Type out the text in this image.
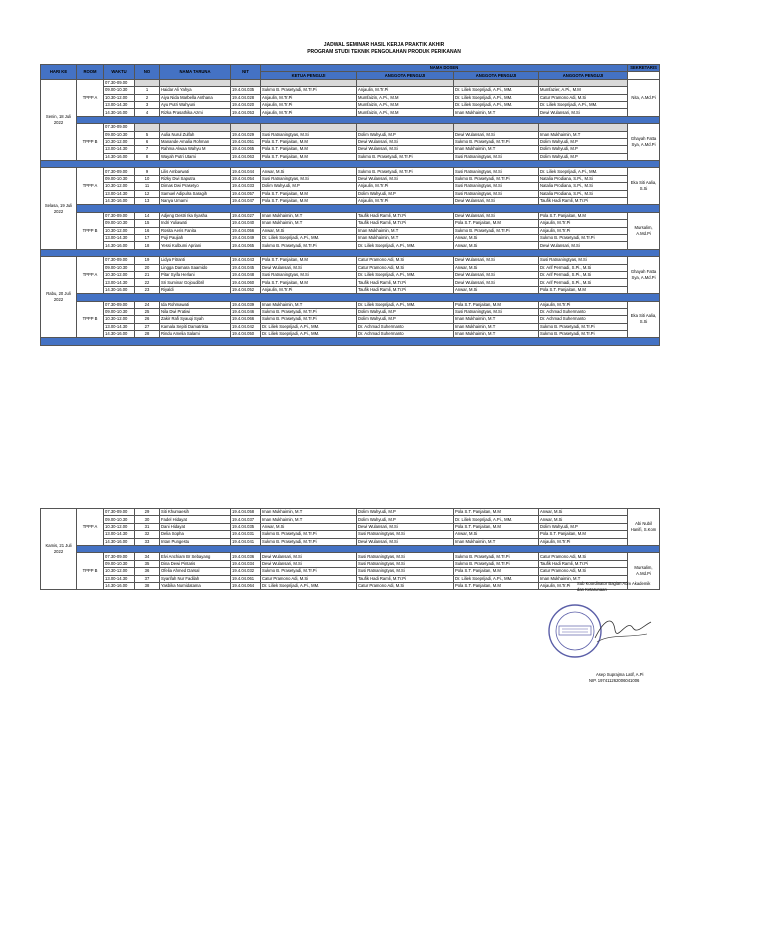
JADWAL SEMINAR HASIL KERJA PRAKTIK AKHIR
PROGRAM STUDI TEKNIK PENGOLAHAN PRODUK PERIKANAN
HARI KE	ROOM	WAKTU	NO	NAMA TARUNA	NIT	NAMA DOSEN				SEKRETARIS
						KETUA PENGUJI	ANGGOTA PENGUJI	ANGGOTA PENGUJI	ANGGOTA PENGUJI	
Senin, 18 Juli 2022	TPPP A	07.30-09.00								Nita, A.Md.Pi
		09.00-10.30	1	Haidar Ali Yahya	19.4.04.035	Sukmo B. Prasetyadi, M.Tr.Pi	Anjaulin, M.Tr.Pi	Dr. Liliek Soeprijadi, A.Pi., MM.	Mumfazier, A.Pi., M.M	
		10.30-12.00	2	Aiya Nida Marbella Anthana	19.4.04.028	Anjaulin, M.Tr.Pi	Mumfaizin, A.Pi., M.M	Dr. Liliek Soeprijadi, A.Pi., MM.	Catur Pramono Adi, M.Si	
		13.00-14.30	3	Ayu Putri Wahyuni	19.4.04.020	Anjaulin, M.Tr.Pi	Mumfaizin, A.Pi., M.M	Dr. Liliek Soeprijadi, A.Pi., MM.	Dr. Liliek Soeprijadi, A.Pi., MM.	
		14.30-16.00	4	Rizka Prasathika Azmi	19.4.04.053	Anjaulin, M.Tr.Pi	Mumfaizin, A.Pi., M.M	Iman Mukhaimin, M.T	Dewi Wulansari, M.Si	

	TPPP B	07.30-09.00								Ghayah Fatta Sya, A.Md.Pi
		09.00-10.30	5	Aulia Nurul Zulfah	19.4.04.029	Susi Ratnaningtyas, M.Si	Dolim Wahyudi, M.P	Dewi Wulansari, M.Si	Iman Mukhaimin, M.T	
		10.30-12.00	6	Manande Amalia Rohman	19.4.04.051	Pola S.T. Panjaitan, M.M	Dewi Wulansari, M.Si	Sukmo B. Prasetyadi, M.Tr.Pi	Dolim Wahyudi, M.P	
		13.00-14.30	7	Rahma Alwaa Wahyu M	19.4.04.065	Pola S.T. Panjaitan, M.M	Dewi Wulansari, M.Si	Iman Mukhaimin, M.T	Dolim Wahyudi, M.P	
		14.30-16.00	8	Wayah Putri Utami	19.4.04.063	Pola S.T. Panjaitan, M.M	Sukmo B. Prasetyadi, M.Tr.Pi	Susi Ratnaningtyas, M.Si	Dolim Wahyudi, M.P	

Selasa, 19 Juli 2022	TPPP A	07.30-09.00	9	Lilis Ambarwati	19.4.04.044	Anwar, M.Si	Sukmo B. Prasetyadi, M.Tr.Pi	Susi Ratnaningtyas, M.Si	Dr. Liliek Soeprijadi, A.Pi., MM.	Eka Siti Aalia, S.Si
		09.00-10.30	10	Rizky Dwi Saputra	19.4.04.054	Susi Ratnaningtyas, M.Si	Dewi Wulansari, M.Si	Sukmo B. Prasetyadi, M.Tr.Pi	Natalia Prodiana, S.Pi., M.Si	
		10.30-12.00	11	Dimas Dwi Prasetyo	19.4.04.033	Dolim Wahyudi, M.P	Anjaulin, M.Tr.Pi	Susi Ratnaningtyas, M.Si	Natalia Prodiana, S.Pi., M.Si	
		13.00-14.30	12	Samuel Adipulra Saragih	19.4.04.057	Pola S.T. Panjaitan, M.M	Dolim Wahyudi, M.P	Susi Ratnaningtyas, M.Si	Natalia Prodiana, S.Pi., M.Si	
		14.30-16.00	13	Nanya Umami	19.4.04.047	Pola S.T. Panjaitan, M.M	Anjaulin, M.Tr.Pi	Dewi Wulansari, M.Si	Taufik Hadi Ramli, M.Tr.Pi	

	TPPP B	07.30-09.00	14	Adjeng Destri Ika Ilyasha	19.4.04.027	Iman Mukhaimin, M.T	Taufik Hadi Ramli, M.Tr.Pi	Dewi Wulansari, M.Si	Pola S.T. Panjaitan, M.M	Mursalim, A.Md.Pi
		09.00-10.30	15	Indri Yuliawati	19.4.04.040	Iman Mukhaimin, M.T	Taufik Hadi Ramli, M.Tr.Pi	Pola S.T. Panjaitan, M.M	Anjaulin, M.Tr.Pi	
		10.30-12.00	16	Rosita Aeris Fanita	19.4.04.056	Anwar, M.Si	Iman Mukhaimin, M.T	Sukmo B. Prasetyadi, M.Tr.Pi	Anjaulin, M.Tr.Pi	
		13.00-14.30	17	Puji Paujiah	19.4.04.049	Dr. Liliek Soeprijadi, A.Pi., MM.	Iman Mukhaimin, M.T	Anwar, M.Si	Sukmo B. Prasetyadi, M.Tr.Pi	
		14.30-16.00	18	Yessi Kulbumi Apriani	19.4.04.065	Sukmo B. Prasetyadi, M.Tr.Pi	Dr. Liliek Soeprijadi, A.Pi., MM.	Anwar, M.Si	Dewi Wulansari, M.Si	

Rabu, 20 Juli 2022	TPPP A	07.30-09.00	19	Lidya Fitranti	19.4.04.043	Pola S.T. Panjaitan, M.M	Catur Pramono Adi, M.Si	Dewi Wulansari, M.Si	Susi Ratnaningtyas, M.Si	Ghayah Fatta Sya, A.Md.Pi
		09.00-10.30	20	Lingga Damara Saamido	19.4.04.045	Dewi Wulansari, M.Si	Catur Pramono Adi, M.Si	Anwar, M.Si	Dr. Arif Permadi, S.Pi., M.Si	
		10.30-12.00	21	Pitar Syifa Herlani	19.4.04.048	Susi Ratnaningtyas, M.Si	Dr. Liliek Soeprijadi, A.Pi., MM.	Dewi Wulansari, M.Si	Dr. Arif Permadi, S.Pi., M.Si	
		13.00-14.30	22	Sri Suminar Gojoudibril	19.4.04.060	Pola S.T. Panjaitan, M.M	Taufik Hadi Ramli, M.Tr.Pi	Dewi Wulansari, M.Si	Dr. Arif Permadi, S.Pi., M.Si	
		14.30-16.00	23	Riyaldi	19.4.04.052	Anjaulin, M.Tr.Pi	Taufik Hadi Ramli, M.Tr.Pi	Anwar, M.Si	Pola S.T. Panjaitan, M.M	

	TPPP B	07.30-09.00	24	Ida Rohmawati	19.4.04.039	Iman Mukhaimin, M.T	Dr. Liliek Soeprijadi, A.Pi., MM.	Pola S.T. Panjaitan, M.M	Anjaulin, M.Tr.Pi	Eka Siti Aalia, S.Si
		09.00-10.30	25	Nila Dwi Pratiwi	19.4.04.046	Sukmo B. Prasetyadi, M.Tr.Pi	Dolim Wahyudi, M.P	Susi Ratnaningtyas, M.Si	Dr. Achmad Suhermanto	
		10.30-12.00	26	Zakir Rafi Syauqi Syah	19.4.04.066	Sukmo B. Prasetyadi, M.Tr.Pi	Dolim Wahyudi, M.P	Iman Mukhaimin, M.T	Dr. Achmad Suhermanto	
		13.00-14.30	27	Kamala Sepiti Damatrista	19.4.04.042	Dr. Liliek Soeprijadi, A.Pi., MM.	Dr. Achmad Suhermanto	Iman Mukhaimin, M.T	Sukmo B. Prasetyadi, M.Tr.Pi	
		14.30-16.00	28	Rindu Amelia Salami	19.4.04.050	Dr. Liliek Soeprijadi, A.Pi., MM.	Dr. Achmad Suhermanto	Iman Mukhaimin, M.T	Sukmo B. Prasetyadi, M.Tr.Pi	

Kamis, 21 Juli 2022	TPPP A	07.30-09.00	29	Siti Khumaesih	19.4.04.058	Iman Mukhaimin, M.T	Dolim Wahyudi, M.P	Pola S.T. Panjaitan, M.M	Anwar, M.Si	Abi Nubil Hanifi, S.Kom
		09.00-10.30	30	Fadel Hidayat	19.4.04.037	Iman Mukhaimin, M.T	Dolim Wahyudi, M.P	Dr. Liliek Soeprijadi, A.Pi., MM.	Anwar, M.Si	
		10.30-12.00	31	Dani Hidayat	19.4.04.035	Anwar, M.Si	Dewi Wulansari, M.Si	Pola S.T. Panjaitan, M.M	Dolim Wahyudi, M.P	
		13.00-14.30	32	Delia Sopha	19.4.04.031	Sukmo B. Prasetyadi, M.Tr.Pi	Susi Ratnaningtyas, M.Si	Anwar, M.Si	Pola S.T. Panjaitan, M.M	
		14.30-16.00	33	Intan Pungestu	19.4.04.041	Sukmo B. Prasetyadi, M.Tr.Pi	Dewi Wulansari, M.Si	Iman Mukhaimin, M.T	Anjaulin, M.Tr.Pi	

	TPPP B	07.30-09.00	34	Elvi Anchiam Br Sebayang	19.4.04.036	Dewi Wulansari, M.Si	Susi Ratnaningtyas, M.Si	Sukmo B. Prasetyadi, M.Tr.Pi	Catur Pramono Adi, M.Si	Mursalim, A.Md.Pi
		09.00-10.30	35	Dina Dewi Pintaris	19.4.04.034	Dewi Wulansari, M.Si	Susi Ratnaningtyas, M.Si	Sukmo B. Prasetyadi, M.Tr.Pi	Taufik Hadi Ramli, M.Tr.Pi	
		10.30-12.00	36	Ofelia Ahmed Darsal	19.4.04.032	Sukmo B. Prasetyadi, M.Tr.Pi	Susi Ratnaningtyas, M.Si	Pola S.T. Panjaitan, M.M	Catur Pramono Adi, M.Si	
		13.00-14.30	37	Syarifah Nur Fadilah	19.4.04.061	Catur Pramono Adi, M.Si	Taufik Hadi Ramli, M.Tr.Pi	Dr. Liliek Soeprijadi, A.Pi., MM.	Iman Mukhaimin, M.T	
		14.30-16.00	38	Yasbika Nurnidatama	19.4.04.064	Dr. Liliek Soeprijadi, A.Pi., MM.	Catur Pramono Adi, M.Si	Pola S.T. Panjaitan, M.M	Anjaulin, M.Tr.Pi	Sub Koordinator Bagian Adm Akademik
dan Ketarunaan
Asep Suprajma Latif, A.Pi
NIP. 197411262006041006
